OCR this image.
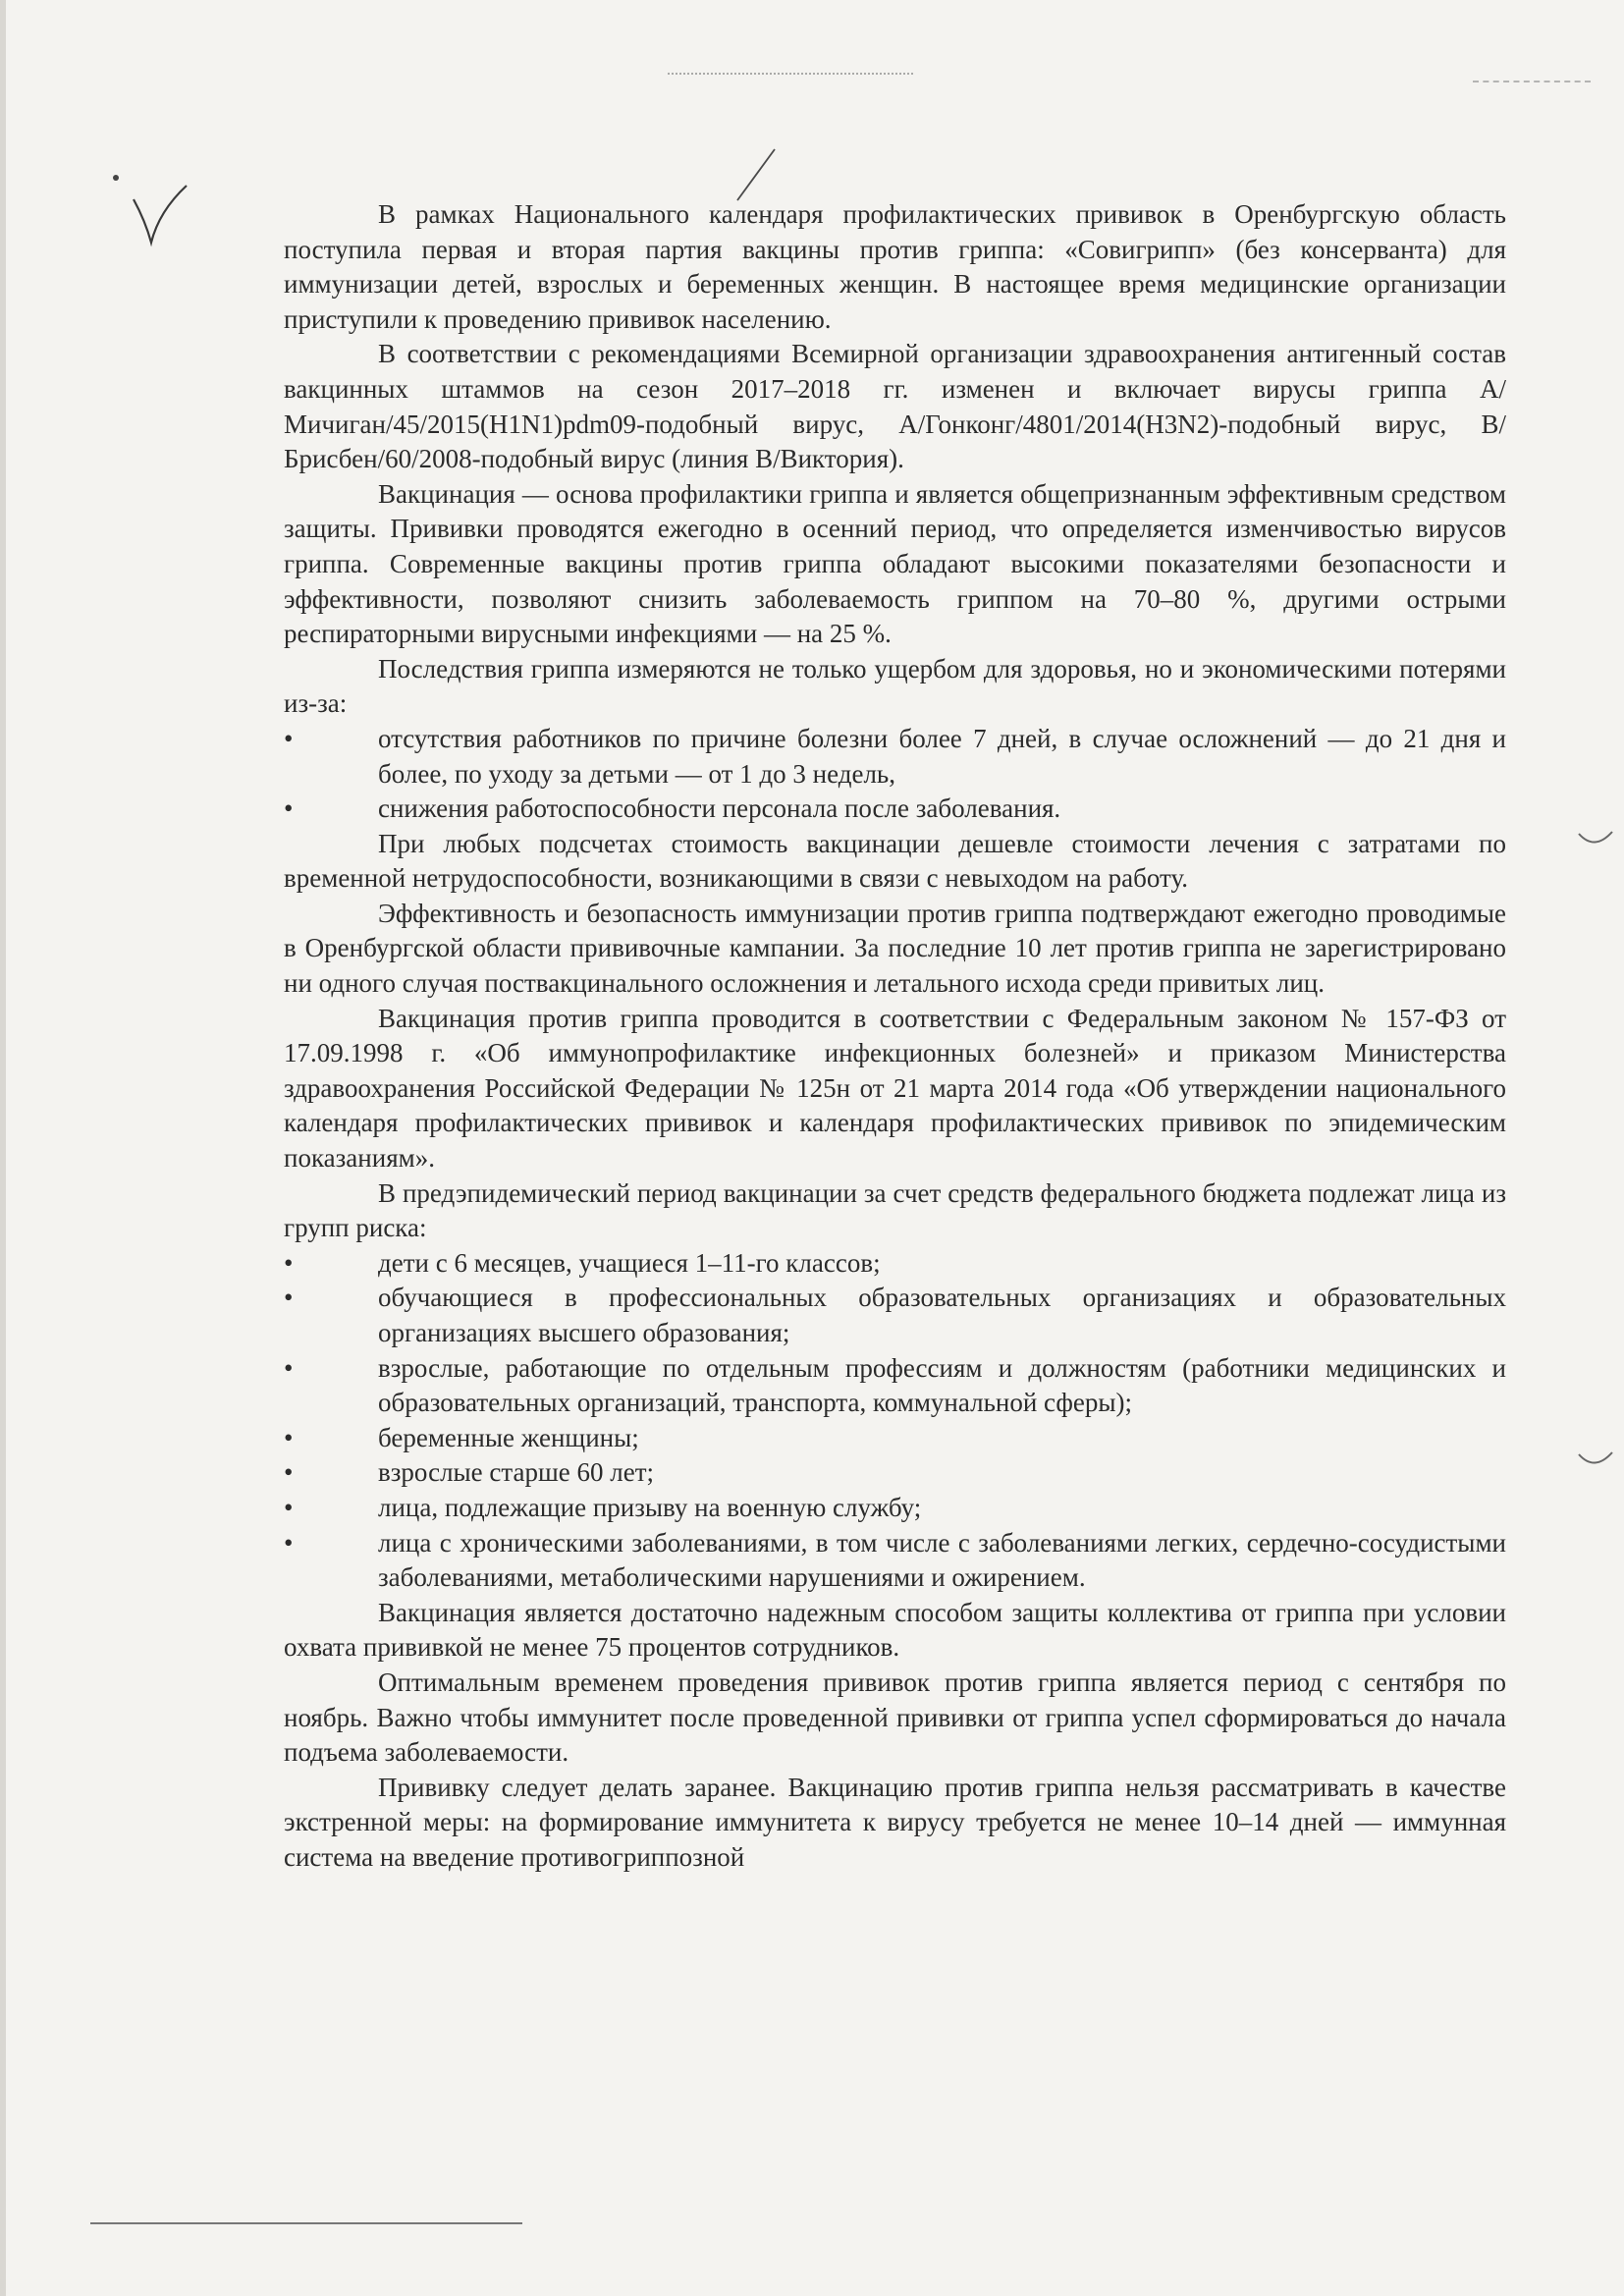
В рамках Национального календаря профилактических прививок в Оренбургскую область поступила первая и вторая партия вакцины против гриппа: «Совигрипп» (без консерванта) для иммунизации детей, взрослых и беременных женщин. В настоящее время медицинские организации приступили к проведению прививок населению.

В соответствии с рекомендациями Всемирной организации здравоохранения антигенный состав вакцинных штаммов на сезон 2017–2018 гг. изменен и включает вирусы гриппа А/Мичиган/45/2015(H1N1)pdm09-подобный вирус, А/Гонконг/4801/2014(H3N2)-подобный вирус, В/Брисбен/60/2008-подобный вирус (линия В/Виктория).

Вакцинация — основа профилактики гриппа и является общепризнанным эффективным средством защиты. Прививки проводятся ежегодно в осенний период, что определяется изменчивостью вирусов гриппа. Современные вакцины против гриппа обладают высокими показателями безопасности и эффективности, позволяют снизить заболеваемость гриппом на 70–80 %, другими острыми респираторными вирусными инфекциями — на 25 %.

Последствия гриппа измеряются не только ущербом для здоровья, но и экономическими потерями из-за:

•	отсутствия работников по причине болезни более 7 дней, в случае осложнений — до 21 дня и более, по уходу за детьми — от 1 до 3 недель,
•	снижения работоспособности персонала после заболевания.

При любых подсчетах стоимость вакцинации дешевле стоимости лечения с затратами по временной нетрудоспособности, возникающими в связи с невыходом на работу.

Эффективность и безопасность иммунизации против гриппа подтверждают ежегодно проводимые в Оренбургской области прививочные кампании. За последние 10 лет против гриппа не зарегистрировано ни одного случая поствакцинального осложнения и летального исхода среди привитых лиц.

Вакцинация против гриппа проводится в соответствии с Федеральным законом № 157-ФЗ от 17.09.1998 г. «Об иммунопрофилактике инфекционных болезней» и приказом Министерства здравоохранения Российской Федерации № 125н от 21 марта 2014 года «Об утверждении национального календаря профилактических прививок и календаря профилактических прививок по эпидемическим показаниям».

В предэпидемический период вакцинации за счет средств федерального бюджета подлежат лица из групп риска:

•	дети с 6 месяцев, учащиеся 1–11-го классов;
•	обучающиеся в профессиональных образовательных организациях и образовательных организациях высшего образования;
•	взрослые, работающие по отдельным профессиям и должностям (работники медицинских и образовательных организаций, транспорта, коммунальной сферы);
•	беременные женщины;
•	взрослые старше 60 лет;
•	лица, подлежащие призыву на военную службу;
•	лица с хроническими заболеваниями, в том числе с заболеваниями легких, сердечно-сосудистыми заболеваниями, метаболическими нарушениями и ожирением.

Вакцинация является достаточно надежным способом защиты коллектива от гриппа при условии охвата прививкой не менее 75 процентов сотрудников.

Оптимальным временем проведения прививок против гриппа является период с сентября по ноябрь. Важно чтобы иммунитет после проведенной прививки от гриппа успел сформироваться до начала подъема заболеваемости.

Прививку следует делать заранее. Вакцинацию против гриппа нельзя рассматривать в качестве экстренной меры: на формирование иммунитета к вирусу требуется не менее 10–14 дней — иммунная система на введение противогриппозной
